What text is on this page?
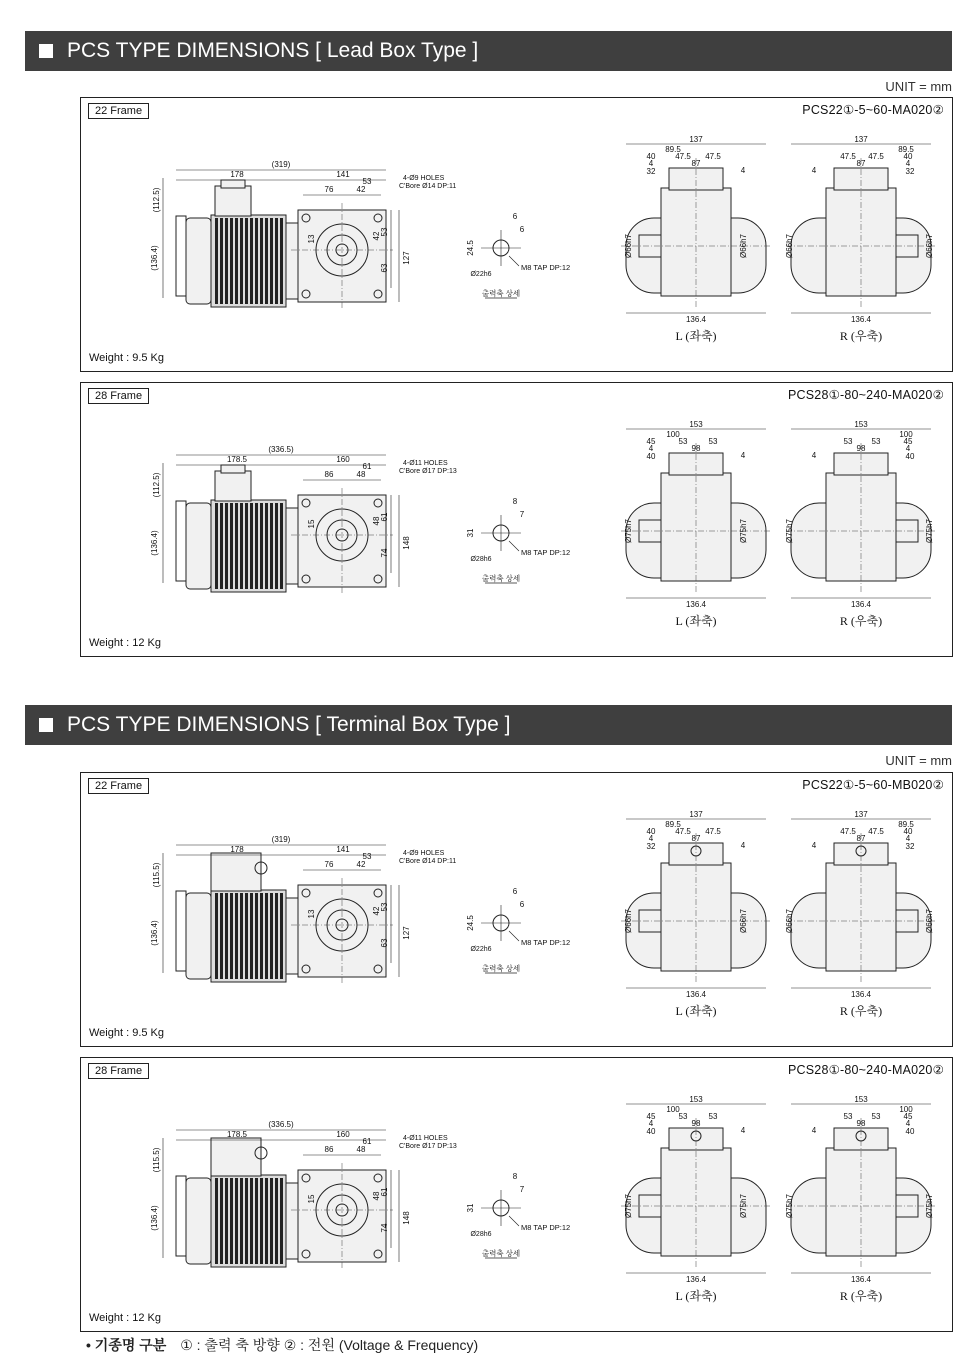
PCS TYPE DIMENSIONS [ Lead Box Type ]
UNIT = mm
PCS TYPE DIMENSIONS [ Terminal Box Type ]
UNIT = mm
(319)
178	141
76
53
42
4-Ø9 HOLES
C'Bore Ø14 DP:11
(112.5)
(136.4)
13	42 53
63
127
6
6
24.5
Ø22h6
M8 TAP DP:12
출력축 상세
137
89.5
40 47.5 47.5
4	87
4
32
Ø66h7	Ø66h7
136.4
L (좌축)
137
89.5
40
47.5
47.5
4
87
4	32
Ø66h7	Ø66h7
136.4
R (우축)
22 Frame	PCS22①-5~60-MA020②
Weight : 9.5 Kg
(336.5)
178.5	160
86
61
48
4-Ø11 HOLES
C'Bore Ø17 DP:13
(112.5)
(136.4)
15	48 61
74
148
8
7
31
Ø28h6
M8 TAP DP:12
출력축 상세
153
100
45	53	53
4	98
4
40
Ø75h7	Ø75h7
136.4
L (좌축)
153
100
45
53
53
4
98
4	40
Ø75h7	Ø75h7
136.4
R (우축)
28 Frame	PCS28①-80~240-MA020②
Weight : 12 Kg
(319)
178	141
76
53
42
4-Ø9 HOLES
C'Bore Ø14 DP:11
(115.5)
(136.4)
13	42 53
63
127
6
6
24.5
Ø22h6
M8 TAP DP:12
출력축 상세
137
89.5
40 47.5 47.5
4	87
4
32
Ø66h7	Ø66h7
136.4
L (좌축)
137
89.5
40
47.5
47.5
4
87
4	32
Ø66h7	Ø66h7
136.4
R (우축)
22 Frame	PCS22①-5~60-MB020②
Weight : 9.5 Kg
(336.5)
178.5	160
86
61
48
4-Ø11 HOLES
C'Bore Ø17 DP:13
(115.5)
(136.4)
15	48 61
74
148
8
7
31
Ø28h6
M8 TAP DP:12
출력축 상세
153
100
45	53	53
4	98
4
40
Ø75h7	Ø75h7
136.4
L (좌축)
153
100
45
53
53
4
98
4	40
Ø75h7	Ø75h7
136.4
R (우축)
28 Frame	PCS28①-80~240-MA020②
Weight : 12 Kg
• 기종명 구분 ① : 출력 축 방향 ② : 전원 (Voltage & Frequency)
